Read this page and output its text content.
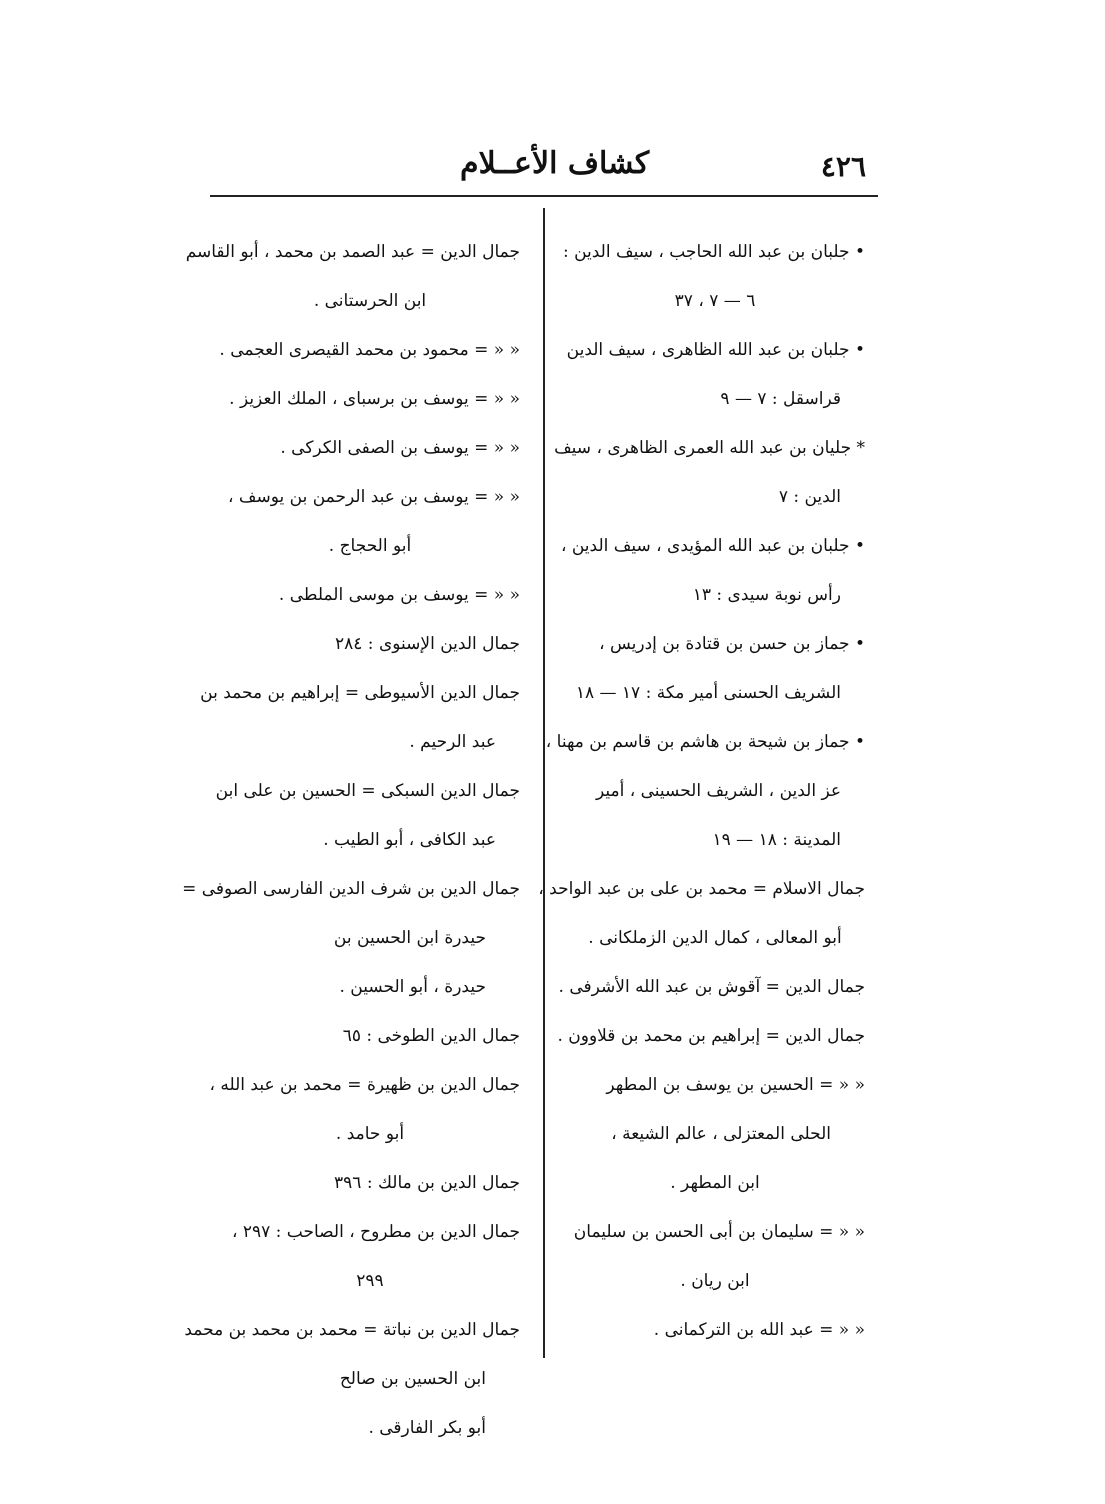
٤٢٦
كشاف الأعــلام
• جلبان بن عبد الله الحاجب ، سيف الدين :
٦ — ٧ ، ٣٧
• جلبان بن عبد الله الظاهرى ، سيف الدين
قراسقل : ٧ — ٩
* جليان بن عبد الله العمرى الظاهرى ، سيف
الدين : ٧
• جلبان بن عبد الله المؤيدى ، سيف الدين ،
رأس نوبة سيدى : ١٣
• جماز بن حسن بن قتادة بن إدريس ،
الشريف الحسنى أمير مكة : ١٧ — ١٨
• جماز بن شيحة بن هاشم بن قاسم بن مهنا ،
عز الدين ، الشريف الحسينى ، أمير
المدينة : ١٨ — ١٩
جمال الاسلام = محمد بن على بن عبد الواحد ،
أبو المعالى ، كمال الدين الزملكانى .
جمال الدين = آقوش بن عبد الله الأشرفى .
جمال الدين = إبراهيم بن محمد بن قلاوون .
« « = الحسين بن يوسف بن المطهر
الحلى المعتزلى ، عالم الشيعة ،
ابن المطهر .
« « = سليمان بن أبى الحسن بن سليمان
ابن ريان .
« « = عبد الله بن التركمانى .
جمال الدين = عبد الصمد بن محمد ، أبو القاسم
ابن الحرستانى .
« « = محمود بن محمد القيصرى العجمى .
« « = يوسف بن برسباى ، الملك العزيز .
« « = يوسف بن الصفى الكركى .
« « = يوسف بن عبد الرحمن بن يوسف ،
أبو الحجاج .
« « = يوسف بن موسى الملطى .
جمال الدين الإسنوى : ٢٨٤
جمال الدين الأسيوطى = إبراهيم بن محمد بن
عبد الرحيم .
جمال الدين السبكى = الحسين بن على ابن
عبد الكافى ، أبو الطيب .
جمال الدين بن شرف الدين الفارسى الصوفى =
حيدرة ابن الحسين بن
حيدرة ، أبو الحسين .
جمال الدين الطوخى : ٦٥
جمال الدين بن ظهيرة = محمد بن عبد الله ،
أبو حامد .
جمال الدين بن مالك : ٣٩٦
جمال الدين بن مطروح ، الصاحب : ٢٩٧ ،
٢٩٩
جمال الدين بن نباتة = محمد بن محمد بن محمد
ابن الحسين بن صالح
أبو بكر الفارقى .
